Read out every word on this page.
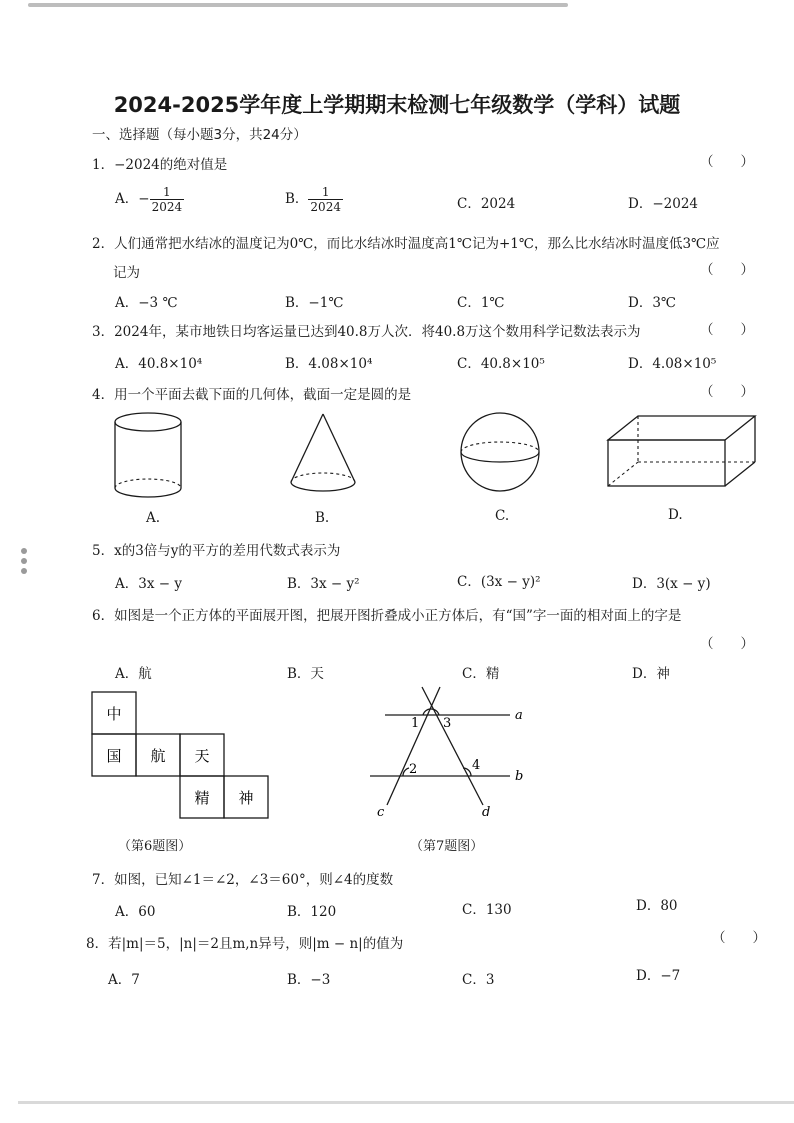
2024-2025学年度上学期期末检测七年级数学（学科）试题
一、选择题（每小题3分，共24分）
1．−2024的绝对值是	（　　）
A．− $\frac{1}{2024}$	B． $\frac{1}{2024}$	C．2024	D．−2024
2．人们通常把水结冰的温度记为0℃，而比水结冰时温度高1℃记为+1℃，那么比水结冰时温度低3℃应
记为	（　　）
A．−3 ℃	B．−1℃	C．1℃	D．3℃
3．2024年，某市地铁日均客运量已达到40.8万人次．将40.8万这个数用科学记数法表示为	（　　）
A．40.8×10⁴	B．4.08×10⁴	C．40.8×10⁵	D．4.08×10⁵
4．用一个平面去截下面的几何体，截面一定是圆的是	（　　）
A.	B.	C.	D.
5．x的3倍与y的平方的差用代数式表示为
A．3x − y	B．3x − y²	C．(3x − y)²	D．3(x − y)
6．如图是一个正方体的平面展开图，把展开图折叠成小正方体后，有“国”字一面的相对面上的字是
（　　）
A．航	B．天	C．精	D．神
中
国 航 天
精 神
（第6题图）
1 3
a
2	4
b
c	d
（第7题图）
7．如图，已知∠1＝∠2，∠3＝60°，则∠4的度数
A．60	B．120	C．130	D．80
8．若|m|＝5，|n|＝2且m,n异号，则|m − n|的值为	（　　）
A．7	B．−3	C．3	D．−7
